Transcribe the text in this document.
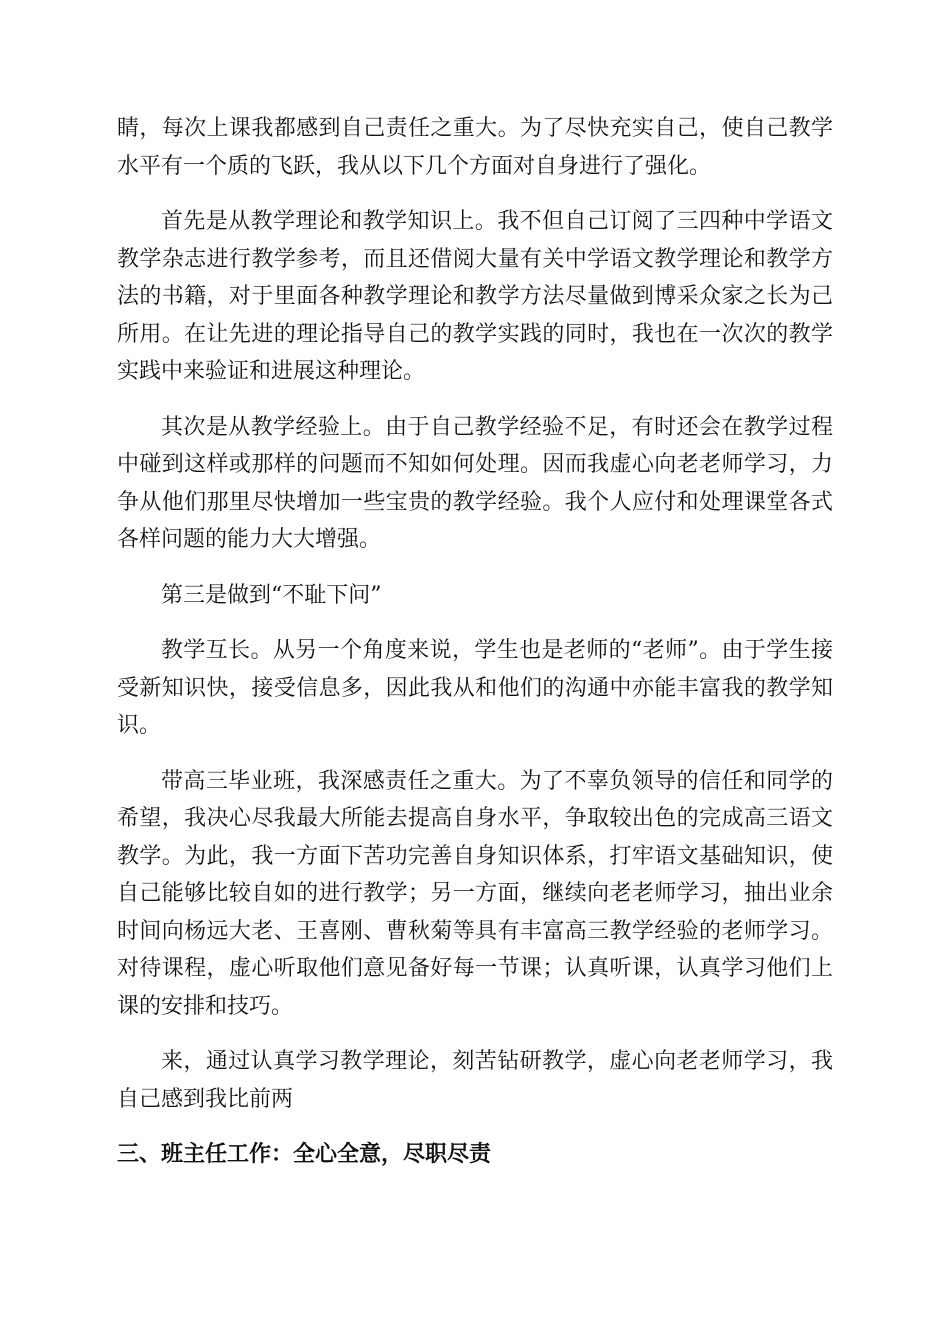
睛，每次上课我都感到自己责任之重大。为了尽快充实自己，使自己教学水平有一个质的飞跃，我从以下几个方面对自身进行了强化。

首先是从教学理论和教学知识上。我不但自己订阅了三四种中学语文教学杂志进行教学参考，而且还借阅大量有关中学语文教学理论和教学方法的书籍，对于里面各种教学理论和教学方法尽量做到博采众家之长为己所用。在让先进的理论指导自己的教学实践的同时，我也在一次次的教学实践中来验证和进展这种理论。

其次是从教学经验上。由于自己教学经验不足，有时还会在教学过程中碰到这样或那样的问题而不知如何处理。因而我虚心向老老师学习，力争从他们那里尽快增加一些宝贵的教学经验。我个人应付和处理课堂各式各样问题的能力大大增强。

第三是做到“不耻下问”

教学互长。从另一个角度来说，学生也是老师的“老师”。由于学生接受新知识快，接受信息多，因此我从和他们的沟通中亦能丰富我的教学知识。

带高三毕业班，我深感责任之重大。为了不辜负领导的信任和同学的希望，我决心尽我最大所能去提高自身水平，争取较出色的完成高三语文教学。为此，我一方面下苦功完善自身知识体系，打牢语文基础知识，使自己能够比较自如的进行教学；另一方面，继续向老老师学习，抽出业余时间向杨远大老、王喜刚、曹秋菊等具有丰富高三教学经验的老师学习。对待课程，虚心听取他们意见备好每一节课；认真听课，认真学习他们上课的安排和技巧。

来，通过认真学习教学理论，刻苦钻研教学，虚心向老老师学习，我自己感到我比前两

三、班主任工作：全心全意，尽职尽责
